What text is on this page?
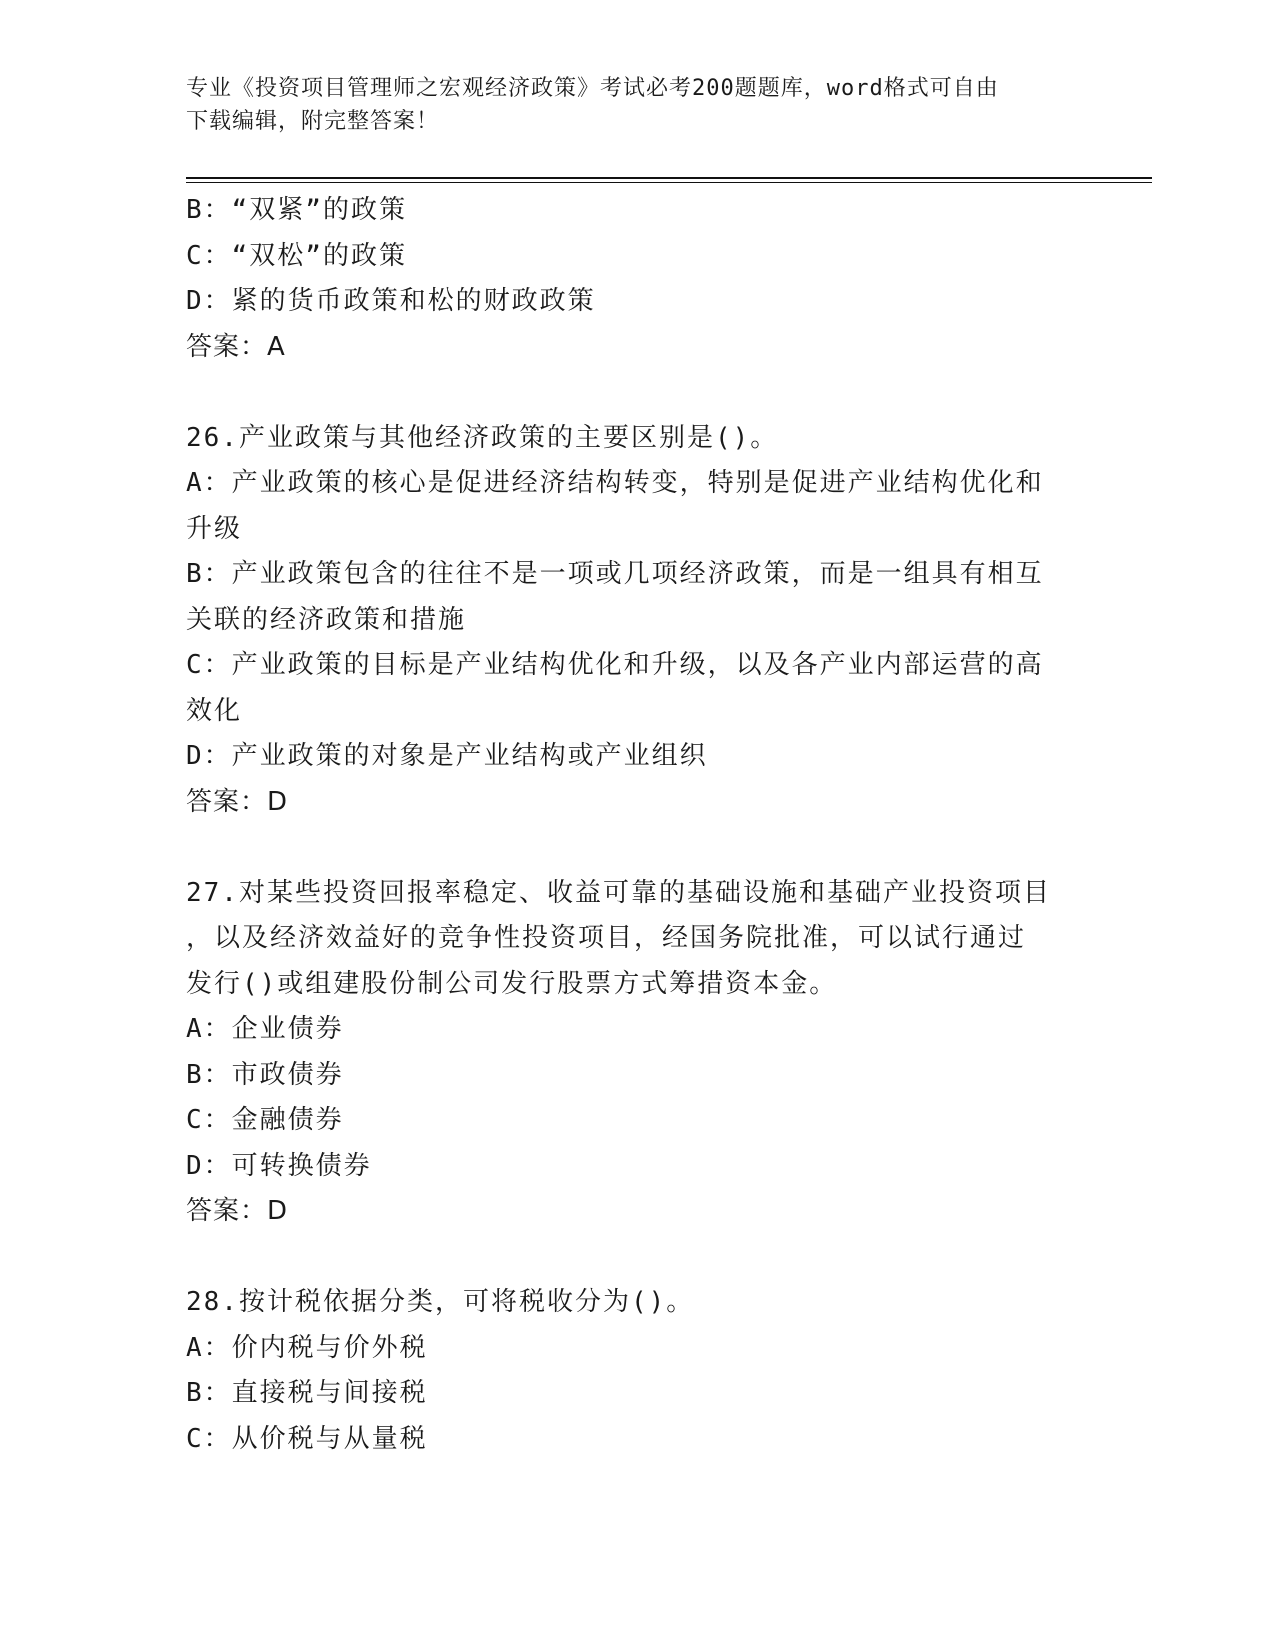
专业《投资项目管理师之宏观经济政策》考试必考200题题库，word格式可自由
下载编辑，附完整答案！
B：“双紧”的政策
C：“双松”的政策
D：紧的货币政策和松的财政政策
答案：A
26.产业政策与其他经济政策的主要区别是()。
A：产业政策的核心是促进经济结构转变，特别是促进产业结构优化和
升级
B：产业政策包含的往往不是一项或几项经济政策，而是一组具有相互
关联的经济政策和措施
C：产业政策的目标是产业结构优化和升级，以及各产业内部运营的高
效化
D：产业政策的对象是产业结构或产业组织
答案：D
27.对某些投资回报率稳定、收益可靠的基础设施和基础产业投资项目
，以及经济效益好的竞争性投资项目，经国务院批准，可以试行通过
发行()或组建股份制公司发行股票方式筹措资本金。
A：企业债券
B：市政债券
C：金融债券
D：可转换债券
答案：D
28.按计税依据分类，可将税收分为()。
A：价内税与价外税
B：直接税与间接税
C：从价税与从量税
